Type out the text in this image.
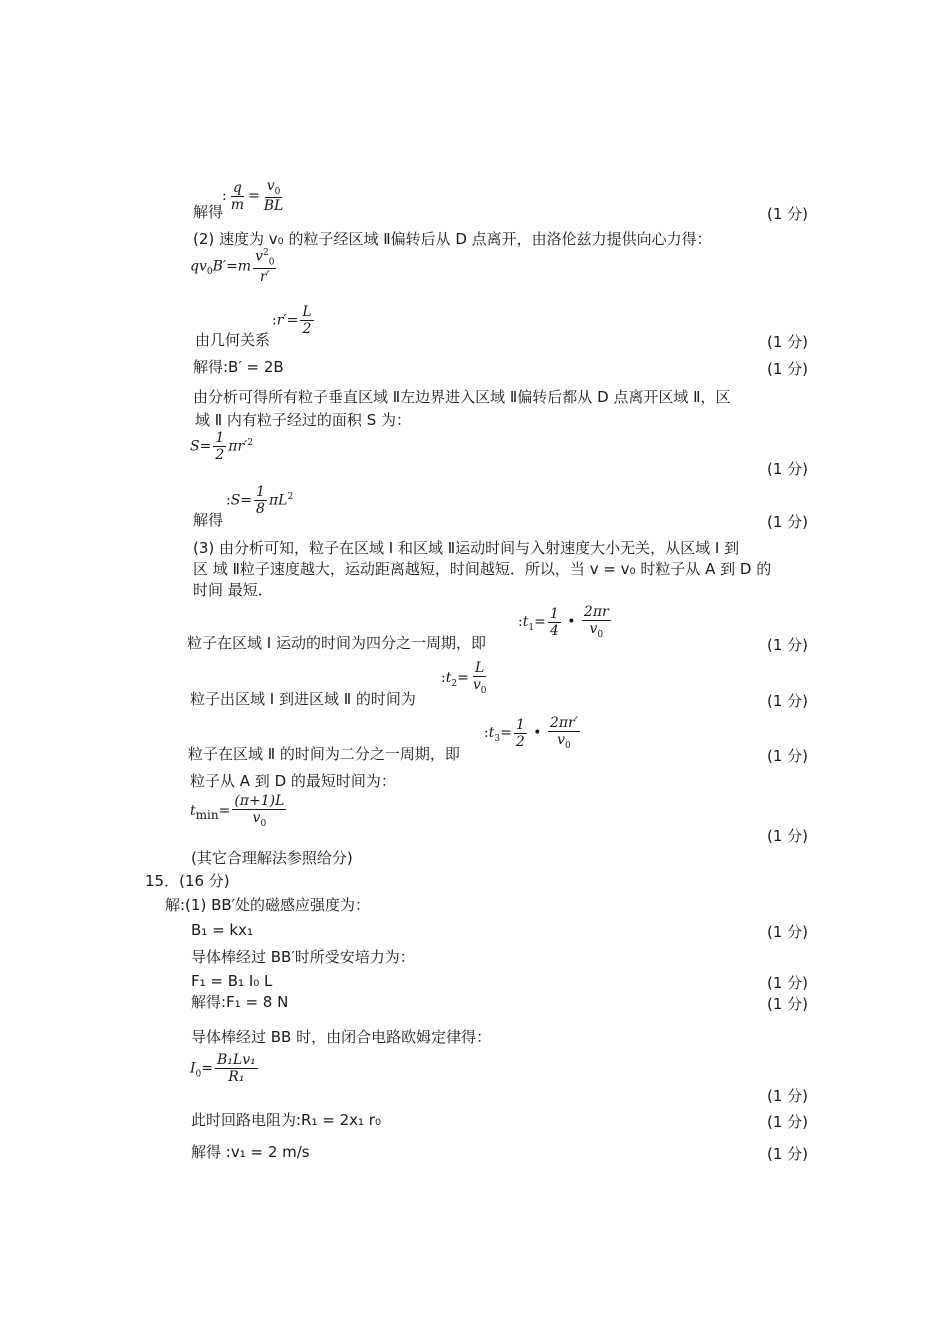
解得
: $\frac{q}{m} = \frac{v_0}{BL}$	(1 分)
(2) 速度为 v₀ 的粒子经区域 Ⅱ偏转后从 D 点离开，由洛伦兹力提供向心力得：
$qv_0B'=m \frac{v^2_0}{r'}$
由几何关系
:r′= $\frac{L}{2}$
(1 分)
解得:B′ = 2B	(1 分)
由分析可得所有粒子垂直区域 Ⅱ左边界进入区域 Ⅱ偏转后都从 D 点离开区域 Ⅱ，区
域 Ⅱ 内有粒子经过的面积 S 为：
$S= \frac{1}{2} \pi r'^2$
(1 分)
解得
:S= $\frac{1}{8} \pi L^2$
(1 分)
(3) 由分析可知，粒子在区域 Ⅰ 和区域 Ⅱ运动时间与入射速度大小无关，从区域 Ⅰ 到
区 域 Ⅱ粒子速度越大，运动距离越短，时间越短．所以，当 v = v₀ 时粒子从 A 到 D 的
时间 最短．
粒子在区域 Ⅰ 运动的时间为四分之一周期，即
$:t_1= \frac{1}{4}$ • $\frac{2\pi r}{v_0}$
(1 分)
粒子出区域 Ⅰ 到进区域 Ⅱ 的时间为
$:t_2= \frac{L}{v_0}$
(1 分)
粒子在区域 Ⅱ 的时间为二分之一周期，即
$:t_3= \frac{1}{2}$ • $\frac{2\pi r'}{v_0}$
(1 分)
粒子从 A 到 D 的最短时间为：
$tmin= \frac{(\pi+1)L}{v_0}$
(1 分)
(其它合理解法参照给分)
15．(16 分)
解:(1) BB′处的磁感应强度为：
B₁ = kx₁	(1 分)
导体棒经过 BB′时所受安培力为：
F₁ = B₁ I₀ L	(1 分)
解得:F₁ = 8 N	(1 分)
导体棒经过 BB 时，由闭合电路欧姆定律得：
$I_0= \frac{\text{B₁Lv₁}}{\text{R₁}}$
(1 分)
此时回路电阻为:R₁ = 2x₁ r₀	(1 分)
解得 :v₁ = 2 m/s	(1 分)
